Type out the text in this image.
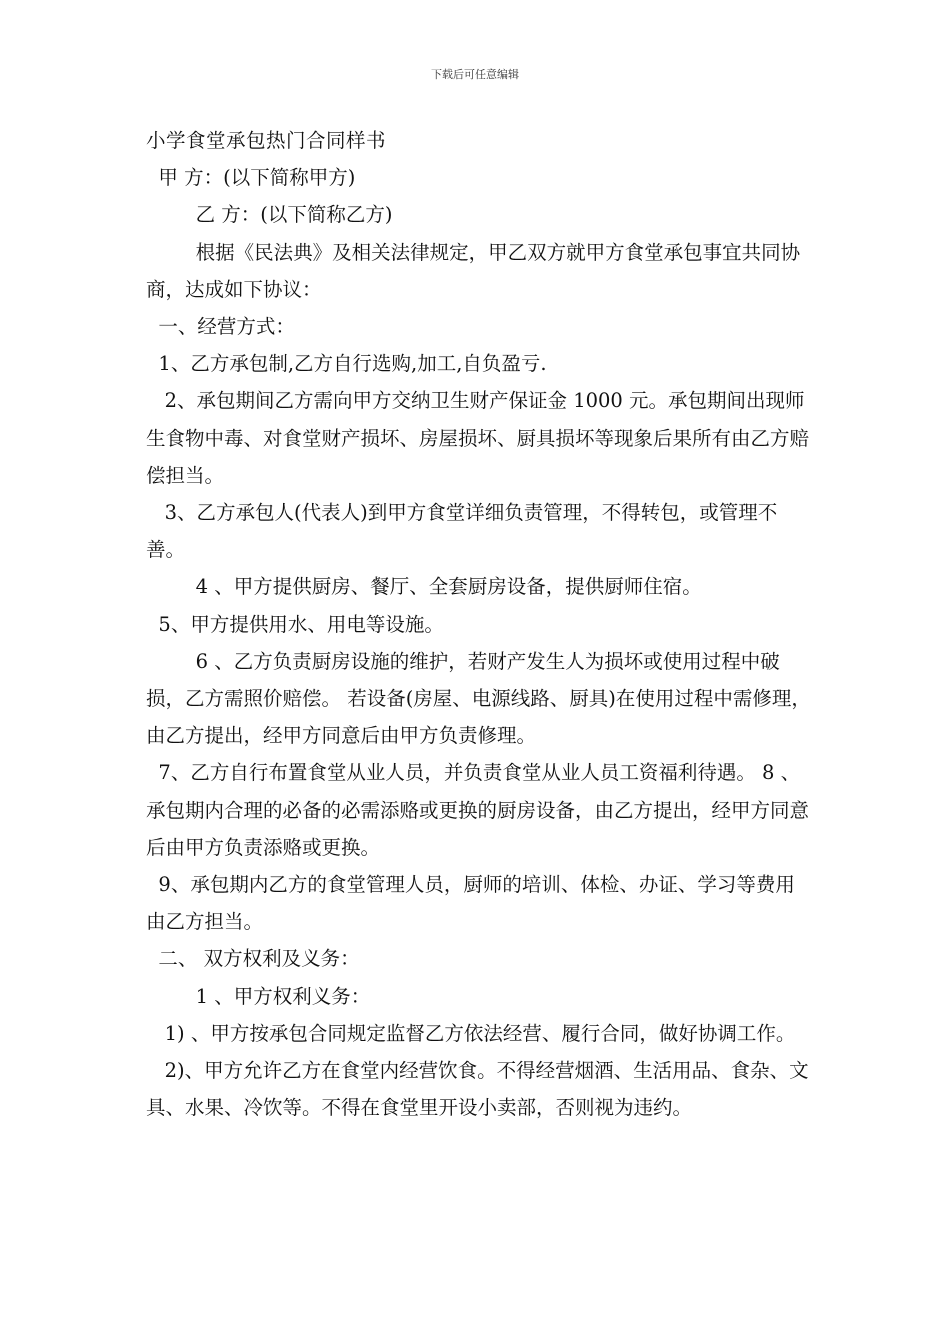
下载后可任意编辑

小学食堂承包热门合同样书

甲 方：(以下简称甲方)

乙 方：(以下简称乙方)

根据《民法典》及相关法律规定，甲乙双方就甲方食堂承包事宜共同协商，达成如下协议：

一、经营方式：

1、乙方承包制,乙方自行选购,加工,自负盈亏.

2、承包期间乙方需向甲方交纳卫生财产保证金 1000 元。承包期间出现师生食物中毒、对食堂财产损坏、房屋损坏、厨具损坏等现象后果所有由乙方赔偿担当。

3、乙方承包人(代表人)到甲方食堂详细负责管理，不得转包，或管理不善。

4 、甲方提供厨房、餐厅、全套厨房设备，提供厨师住宿。

5、甲方提供用水、用电等设施。

6 、乙方负责厨房设施的维护，若财产发生人为损坏或使用过程中破损，乙方需照价赔偿。 若设备(房屋、电源线路、厨具)在使用过程中需修理，由乙方提出，经甲方同意后由甲方负责修理。

7、乙方自行布置食堂从业人员，并负责食堂从业人员工资福利待遇。 8 、承包期内合理的必备的必需添赂或更换的厨房设备，由乙方提出，经甲方同意后由甲方负责添赂或更换。

9、承包期内乙方的食堂管理人员，厨师的培训、体检、办证、学习等费用由乙方担当。

二、 双方权利及义务：

1 、甲方权利义务：

1) 、甲方按承包合同规定监督乙方依法经营、履行合同，做好协调工作。

2)、甲方允许乙方在食堂内经营饮食。不得经营烟酒、生活用品、食杂、文具、水果、冷饮等。不得在食堂里开设小卖部，否则视为违约。
